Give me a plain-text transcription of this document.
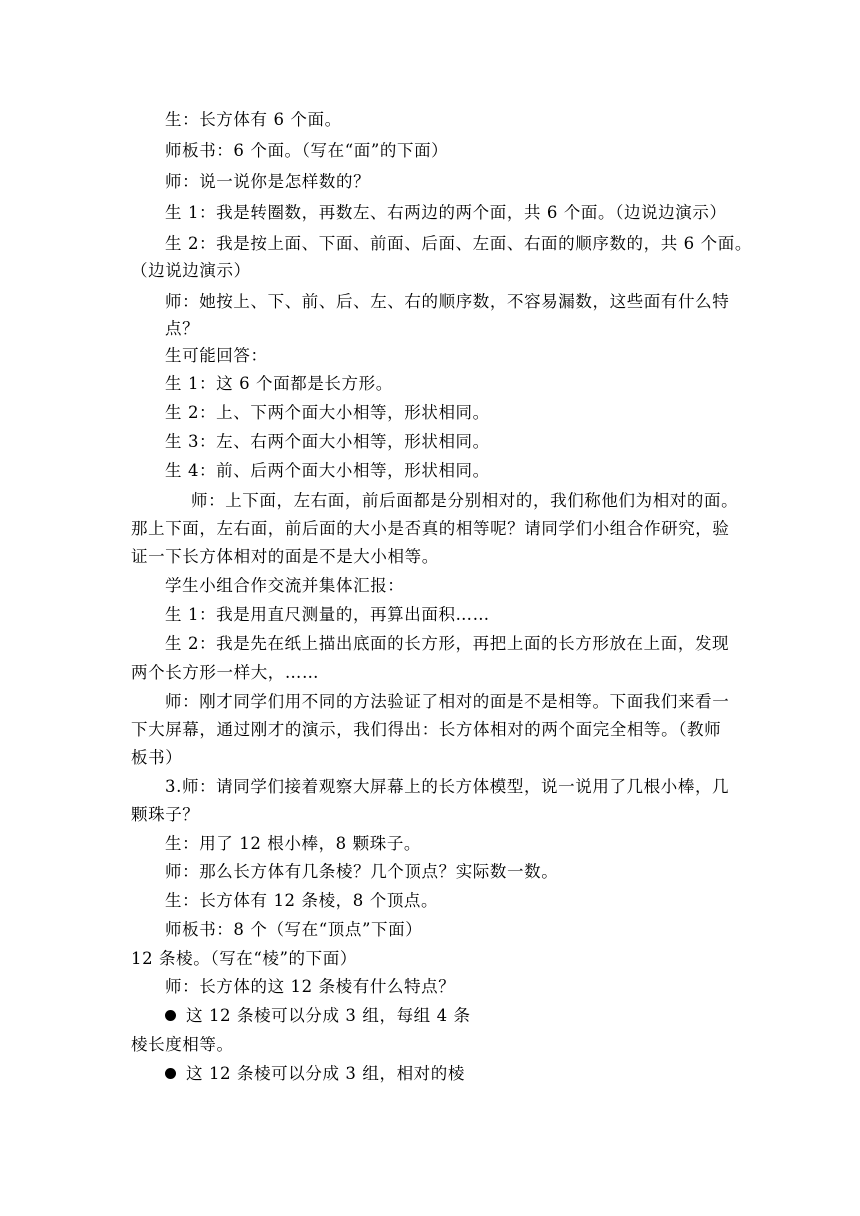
生：长方体有 6 个面。
师板书：6 个面。（写在“面”的下面）
师：说一说你是怎样数的？
生 1：我是转圈数，再数左、右两边的两个面，共 6 个面。（边说边演示）
生 2：我是按上面、下面、前面、后面、左面、右面的顺序数的，共 6 个面。
（边说边演示）
师：她按上、下、前、后、左、右的顺序数，不容易漏数，这些面有什么特
点？
生可能回答：
生 1：这 6 个面都是长方形。
生 2：上、下两个面大小相等，形状相同。
生 3：左、右两个面大小相等，形状相同。
生 4：前、后两个面大小相等，形状相同。
师：上下面，左右面，前后面都是分别相对的，我们称他们为相对的面。
那上下面，左右面，前后面的大小是否真的相等呢？请同学们小组合作研究，验
证一下长方体相对的面是不是大小相等。
学生小组合作交流并集体汇报：
生 1：我是用直尺测量的，再算出面积……
生 2：我是先在纸上描出底面的长方形，再把上面的长方形放在上面，发现
两个长方形一样大，……
师：刚才同学们用不同的方法验证了相对的面是不是相等。下面我们来看一
下大屏幕，通过刚才的演示，我们得出：长方体相对的两个面完全相等。（教师
板书）
3.师：请同学们接着观察大屏幕上的长方体模型，说一说用了几根小棒，几
颗珠子？
生：用了 12 根小棒，8 颗珠子。
师：那么长方体有几条棱？几个顶点？实际数一数。
生：长方体有 12 条棱，8 个顶点。
师板书：8 个（写在“顶点”下面）
12 条棱。（写在“棱”的下面）
师：长方体的这 12 条棱有什么特点？
这 12 条棱可以分成 3 组，每组 4 条
棱长度相等。
这 12 条棱可以分成 3 组，相对的棱
